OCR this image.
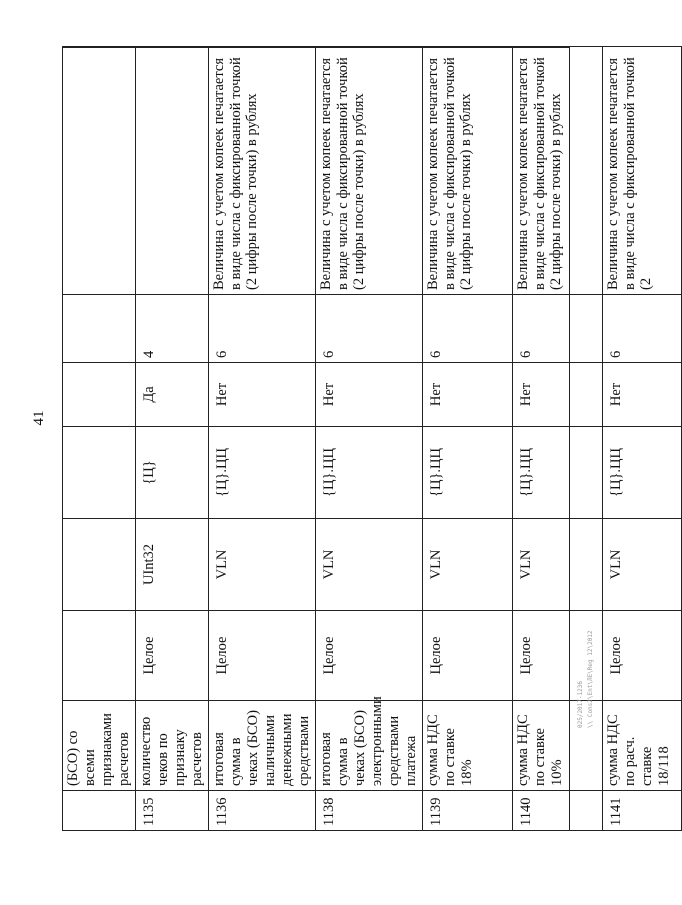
41
	(БСО) со всеми признаками расчетов						
1135	количество чеков по признаку расчетов	Целое	UInt32	{Ц}	Да	4	
1136	итоговая сумма в чеках (БСО) наличными денежными средствами	Целое	VLN	{Ц}.ЦЦ	Нет	6	Величина с учетом копеек печатается в виде числа с фиксированной точкой (2 цифры после точки) в рублях
1138	итоговая сумма в чеках (БСО) электронными средствами платежа	Целое	VLN	{Ц}.ЦЦ	Нет	6	Величина с учетом копеек печатается в виде числа с фиксированной точкой (2 цифры после точки) в рублях
1139	сумма НДС по ставке 18%	Целое	VLN	{Ц}.ЦЦ	Нет	6	Величина с учетом копеек печатается в виде числа с фиксированной точкой (2 цифры после точки) в рублях
1140	сумма НДС по ставке 10%	Целое	VLN	{Ц}.ЦЦ	Нет	6	Величина с учетом копеек печатается в виде числа с фиксированной точкой (2 цифры после точки) в рублях
1141	сумма НДС по расч. ставке 18/118	Целое	VLN	{Ц}.ЦЦ	Нет	6	Величина с учетом копеек печатается в виде числа с фиксированной точкой (2
025/2017-1236 \\ Cons2\Ent\ЛЕ\Reg 12\2012
